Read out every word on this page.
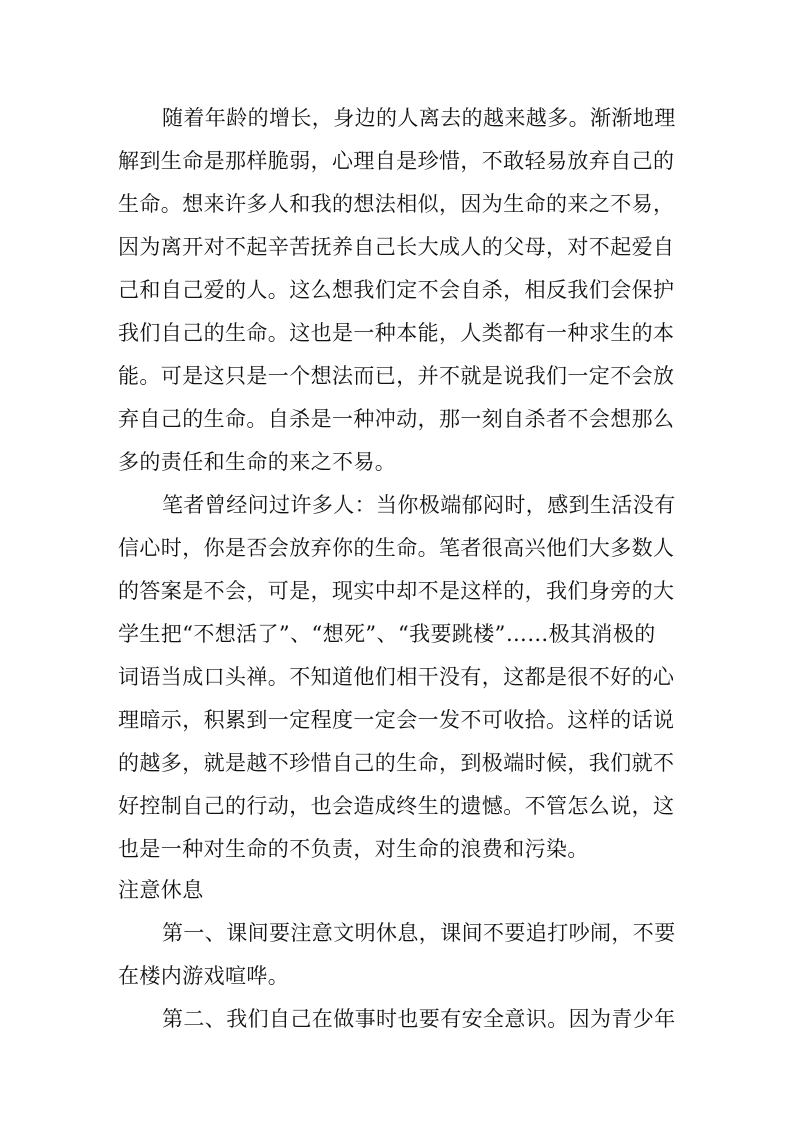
随着年龄的增长，身边的人离去的越来越多。渐渐地理
解到生命是那样脆弱，心理自是珍惜，不敢轻易放弃自己的
生命。想来许多人和我的想法相似，因为生命的来之不易，
因为离开对不起辛苦抚养自己长大成人的父母，对不起爱自
己和自己爱的人。这么想我们定不会自杀，相反我们会保护
我们自己的生命。这也是一种本能，人类都有一种求生的本
能。可是这只是一个想法而已，并不就是说我们一定不会放
弃自己的生命。自杀是一种冲动，那一刻自杀者不会想那么
多的责任和生命的来之不易。
笔者曾经问过许多人：当你极端郁闷时，感到生活没有
信心时，你是否会放弃你的生命。笔者很高兴他们大多数人
的答案是不会，可是，现实中却不是这样的，我们身旁的大
学生把“不想活了”、“想死”、“我要跳楼”……极其消极的
词语当成口头禅。不知道他们相干没有，这都是很不好的心
理暗示，积累到一定程度一定会一发不可收拾。这样的话说
的越多，就是越不珍惜自己的生命，到极端时候，我们就不
好控制自己的行动，也会造成终生的遗憾。不管怎么说，这
也是一种对生命的不负责，对生命的浪费和污染。
注意休息
第一、课间要注意文明休息，课间不要追打吵闹，不要
在楼内游戏喧哗。
第二、我们自己在做事时也要有安全意识。因为青少年
